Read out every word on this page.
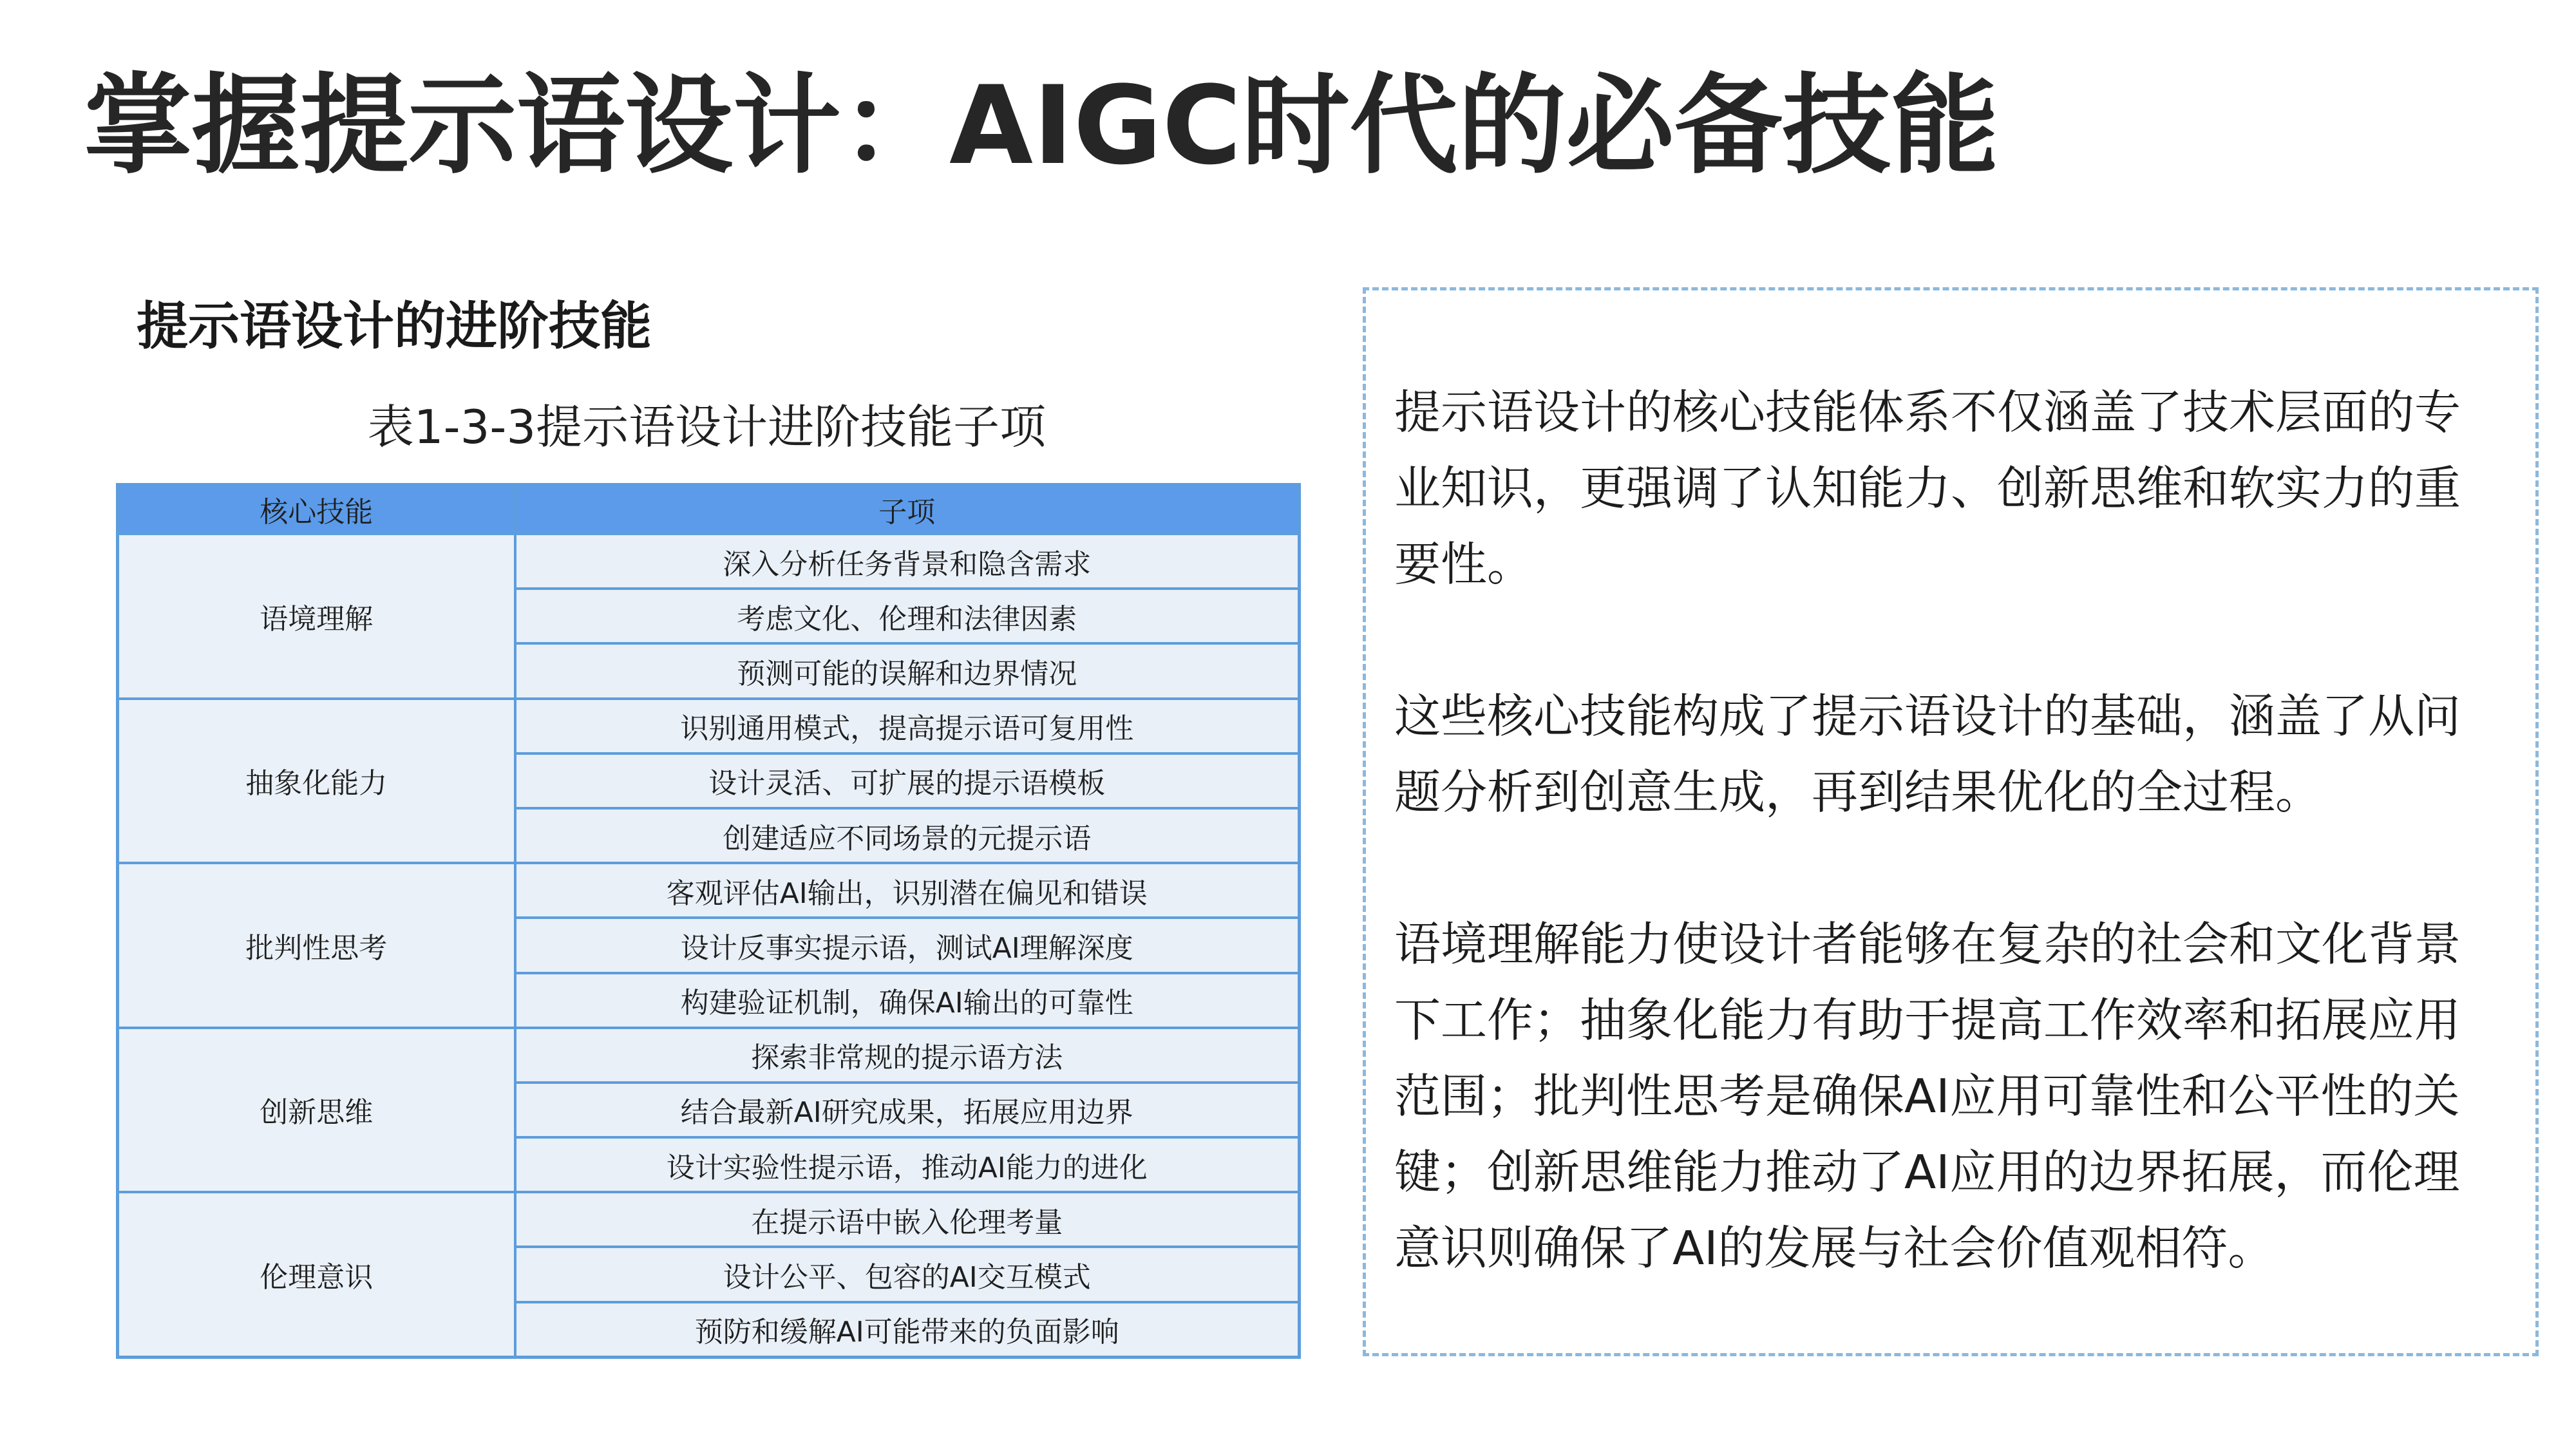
掌握提示语设计：AIGC时代的必备技能
提示语设计的进阶技能
表1-3-3提示语设计进阶技能子项
核心技能	子项
语境理解	深入分析任务背景和隐含需求
	考虑文化、伦理和法律因素
	预测可能的误解和边界情况
抽象化能力	识别通用模式，提高提示语可复用性
	设计灵活、可扩展的提示语模板
	创建适应不同场景的元提示语
批判性思考	客观评估AI输出，识别潜在偏见和错误
	设计反事实提示语，测试AI理解深度
	构建验证机制，确保AI输出的可靠性
创新思维	探索非常规的提示语方法
	结合最新AI研究成果，拓展应用边界
	设计实验性提示语，推动AI能力的进化
伦理意识	在提示语中嵌入伦理考量
	设计公平、包容的AI交互模式
	预防和缓解AI可能带来的负面影响

提示语设计的核心技能体系不仅涵盖了技术层面的专业知识，更强调了认知能力、创新思维和软实力的重要性。

这些核心技能构成了提示语设计的基础，涵盖了从问题分析到创意生成，再到结果优化的全过程。

语境理解能力使设计者能够在复杂的社会和文化背景下工作；抽象化能力有助于提高工作效率和拓展应用范围；批判性思考是确保AI应用可靠性和公平性的关键；创新思维能力推动了AI应用的边界拓展，而伦理意识则确保了AI的发展与社会价值观相符。
